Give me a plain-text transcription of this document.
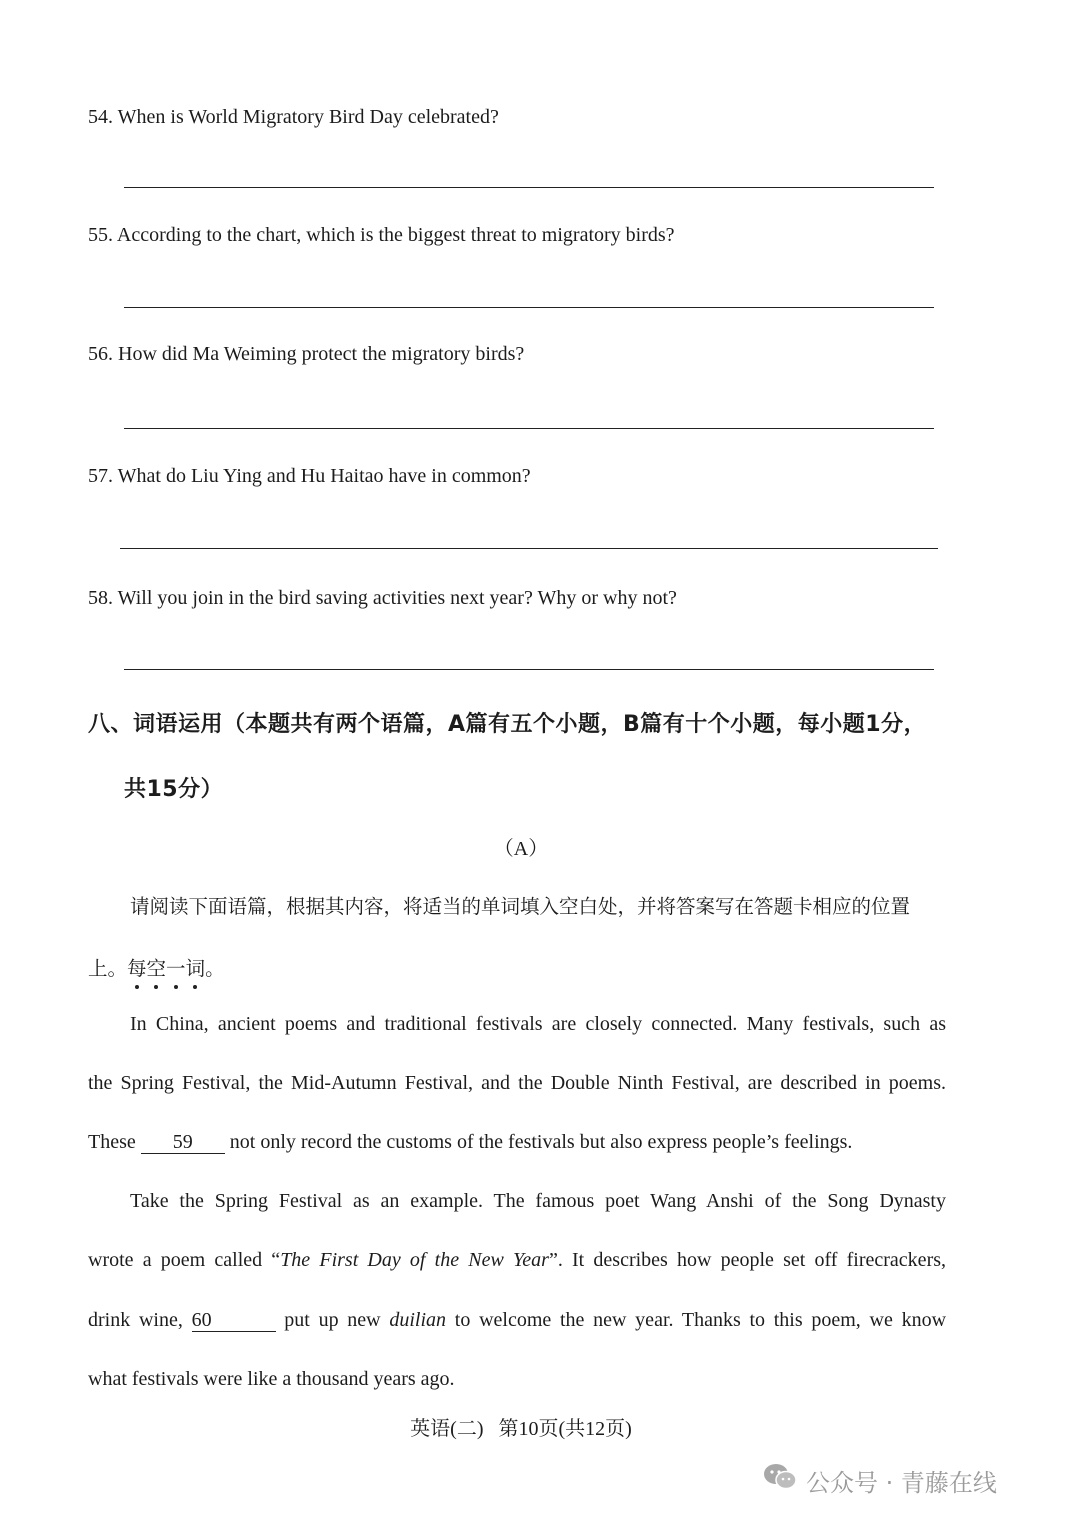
54. When is World Migratory Bird Day celebrated?

55. According to the chart, which is the biggest threat to migratory birds?

56. How did Ma Weiming protect the migratory birds?

57. What do Liu Ying and Hu Haitao have in common?

58. Will you join in the bird saving activities next year? Why or why not?

八、词语运用（本题共有两个语篇，A篇有五个小题，B篇有十个小题，每小题1分，

共15分）

（A）

请阅读下面语篇，根据其内容，将适当的单词填入空白处，并将答案写在答题卡相应的位置

上。每空一词。

In China, ancient poems and traditional festivals are closely connected. Many festivals, such as

the Spring Festival, the Mid-Autumn Festival, and the Double Ninth Festival, are described in poems.

These 59 not only record the customs of the festivals but also express people’s feelings.

Take the Spring Festival as an example. The famous poet Wang Anshi of the Song Dynasty

wrote a poem called “The First Day of the New Year”. It describes how people set off firecrackers,

drink wine, 60	put up new duilian to welcome the new year. Thanks to this poem, we know

what festivals were like a thousand years ago.

英语(二)   第10页(共12页)

公众号 · 青藤在线
